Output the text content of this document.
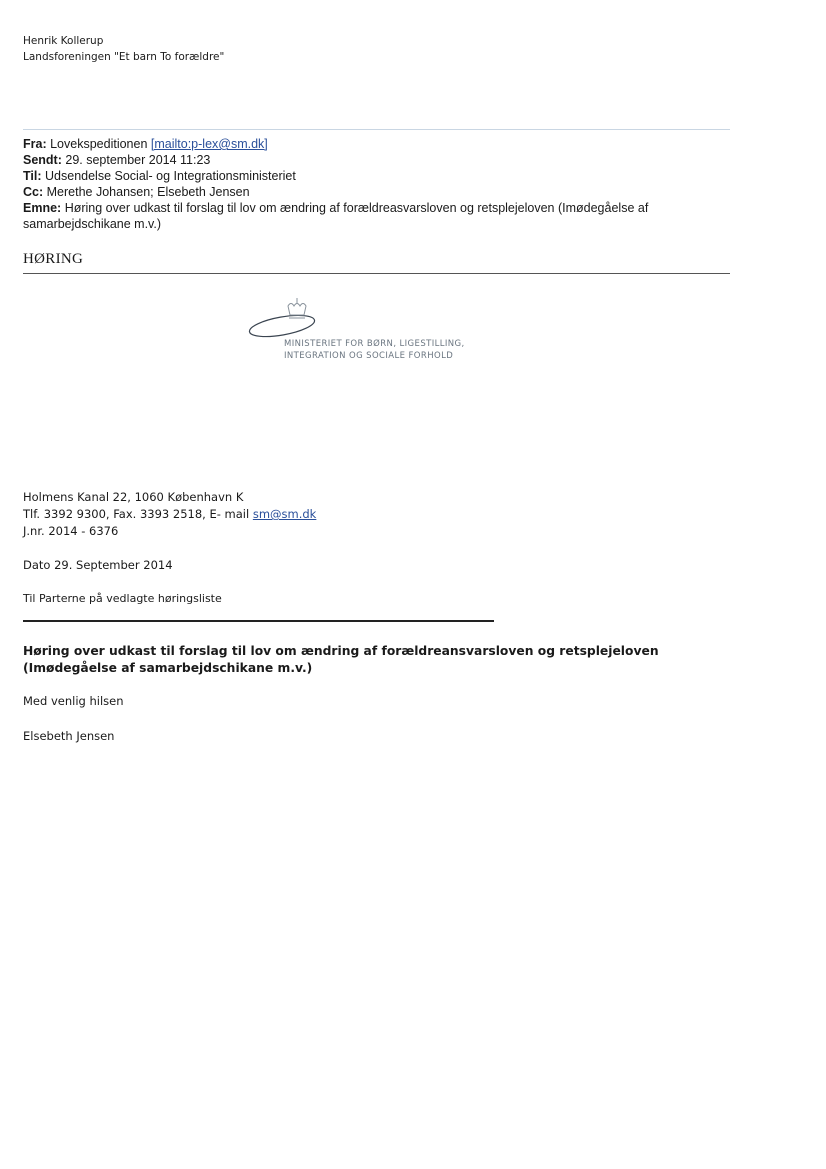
Henrik Kollerup
Landsforeningen "Et barn To forældre"
Fra: Lovekspeditionen [mailto:p-lex@sm.dk]
Sendt: 29. september 2014 11:23
Til: Udsendelse Social- og Integrationsministeriet
Cc: Merethe Johansen; Elsebeth Jensen
Emne: Høring over udkast til forslag til lov om ændring af forældreasvarsloven og retsplejeloven (Imødegåelse af samarbejdschikane m.v.)
HØRING
MINISTERIET FOR BØRN, LIGESTILLING,
INTEGRATION OG SOCIALE FORHOLD
Holmens Kanal 22, 1060 København K
Tlf. 3392 9300, Fax. 3393 2518, E- mail sm@sm.dk
J.nr. 2014 - 6376
Dato 29. September 2014
Til Parterne på vedlagte høringsliste
Høring over udkast til forslag til lov om ændring af forældreansvarsloven og retsplejeloven (Imødegåelse af samarbejdschikane m.v.)
Med venlig hilsen
Elsebeth Jensen
